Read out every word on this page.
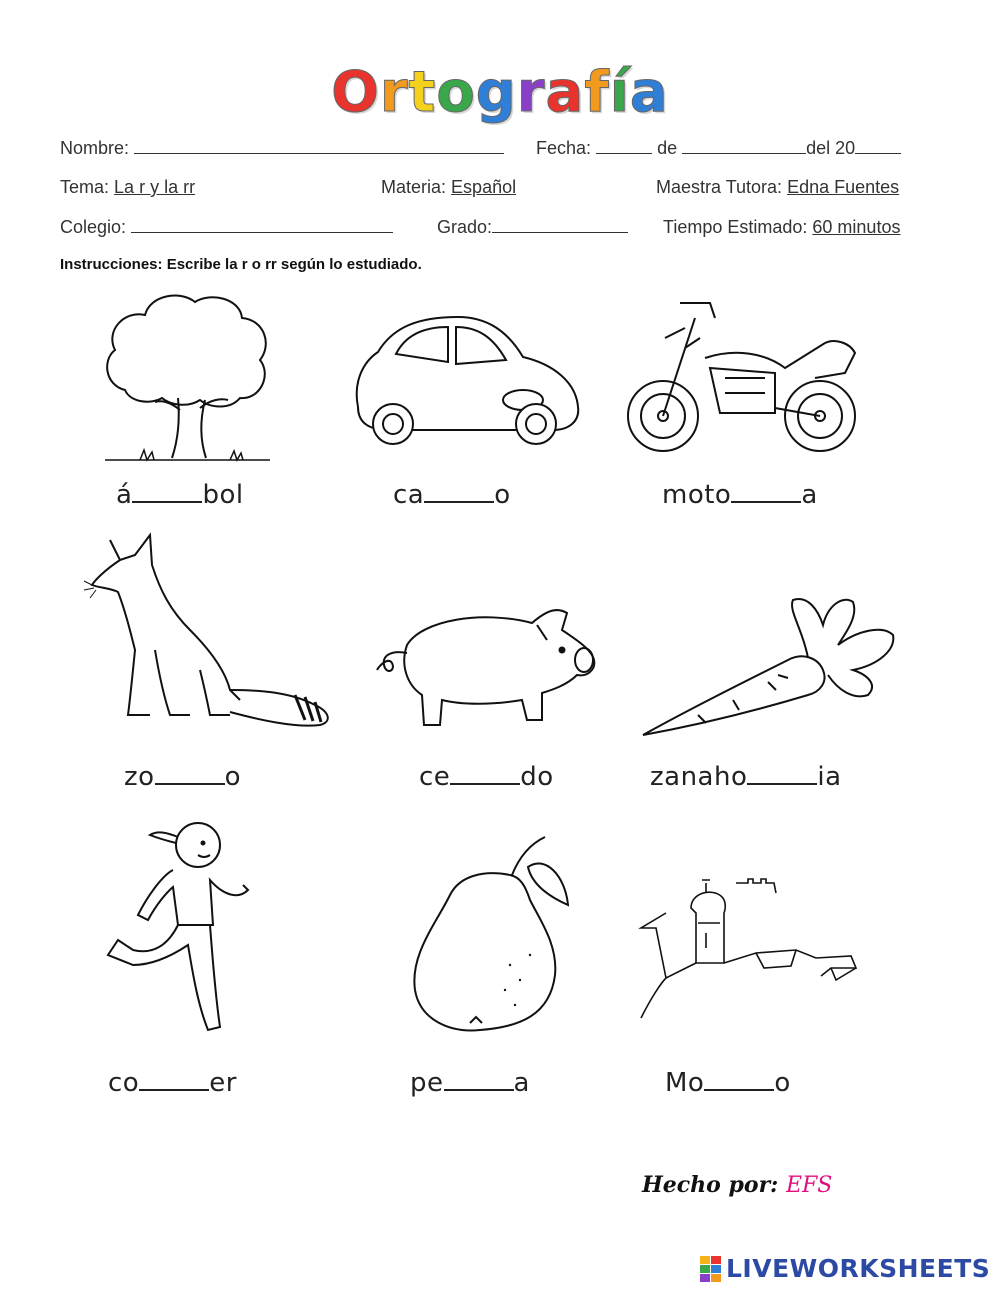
Ortografía
Nombre:	Fecha:	de	del 20
Tema: La r y la rr	Materia: Español	Maestra Tutora: Edna Fuentes
Colegio:	Grado:	Tiempo Estimado: 60 minutos
Instrucciones: Escribe la r o rr según lo estudiado.
á	bol	ca	o	moto	a
zo	o	ce	do	zanaho	ia
co	er	pe	a	Mo	o
Hecho por: EFS
LIVEWORKSHEETS
